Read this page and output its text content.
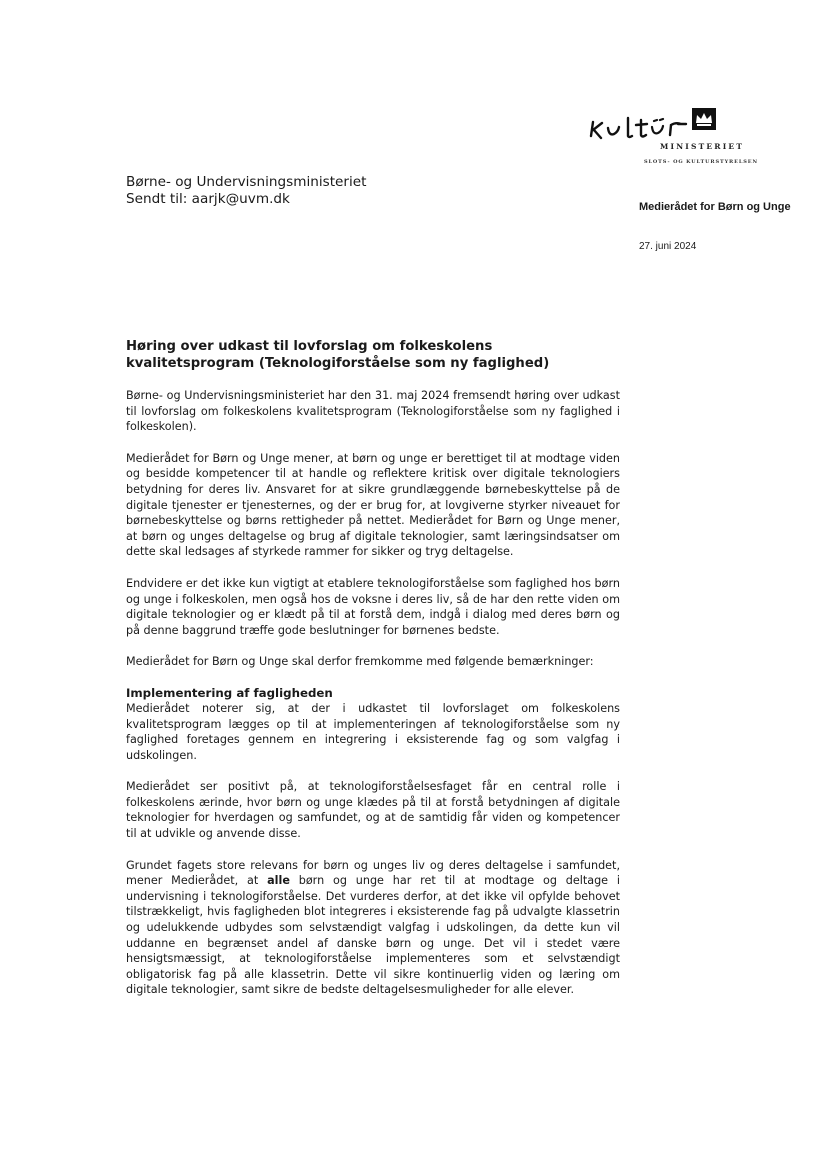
MINISTERIET
SLOTS- OG KULTURSTYRELSEN
Børne- og Undervisningsministeriet
Sendt til: aarjk@uvm.dk	Medierådet for Børn og Unge
27. juni 2024
Høring over udkast til lovforslag om folkeskolens
kvalitetsprogram (Teknologiforståelse som ny faglighed)

Børne- og Undervisningsministeriet har den 31. maj 2024 fremsendt høring over udkast til lovforslag om folkeskolens kvalitetsprogram (Teknologiforståelse som ny faglighed i folkeskolen).

Medierådet for Børn og Unge mener, at børn og unge er berettiget til at modtage viden og besidde kompetencer til at handle og reflektere kritisk over digitale teknologiers betydning for deres liv. Ansvaret for at sikre grundlæggende børnebeskyttelse på de digitale tjenester er tjenesternes, og der er brug for, at lovgiverne styrker niveauet for børnebeskyttelse og børns rettigheder på nettet. Medierådet for Børn og Unge mener, at børn og unges deltagelse og brug af digitale teknologier, samt læringsindsatser om dette skal ledsages af styrkede rammer for sikker og tryg deltagelse.

Endvidere er det ikke kun vigtigt at etablere teknologiforståelse som faglighed hos børn og unge i folkeskolen, men også hos de voksne i deres liv, så de har den rette viden om digitale teknologier og er klædt på til at forstå dem, indgå i dialog med deres børn og på denne baggrund træffe gode beslutninger for børnenes bedste.

Medierådet for Børn og Unge skal derfor fremkomme med følgende bemærkninger:

Implementering af fagligheden

Medierådet noterer sig, at der i udkastet til lovforslaget om folkeskolens kvalitetsprogram lægges op til at implementeringen af teknologiforståelse som ny faglighed foretages gennem en integrering i eksisterende fag og som valgfag i udskolingen.

Medierådet ser positivt på, at teknologiforståelsesfaget får en central rolle i folkeskolens ærinde, hvor børn og unge klædes på til at forstå betydningen af digitale teknologier for hverdagen og samfundet, og at de samtidig får viden og kompetencer til at udvikle og anvende disse.

Grundet fagets store relevans for børn og unges liv og deres deltagelse i samfundet, mener Medierådet, at alle børn og unge har ret til at modtage og deltage i undervisning i teknologiforståelse. Det vurderes derfor, at det ikke vil opfylde behovet tilstrækkeligt, hvis fagligheden blot integreres i eksisterende fag på udvalgte klassetrin og udelukkende udbydes som selvstændigt valgfag i udskolingen, da dette kun vil uddanne en begrænset andel af danske børn og unge. Det vil i stedet være hensigtsmæssigt, at teknologiforståelse implementeres som et selvstændigt obligatorisk fag på alle klassetrin. Dette vil sikre kontinuerlig viden og læring om digitale teknologier, samt sikre de bedste deltagelsesmuligheder for alle elever.
